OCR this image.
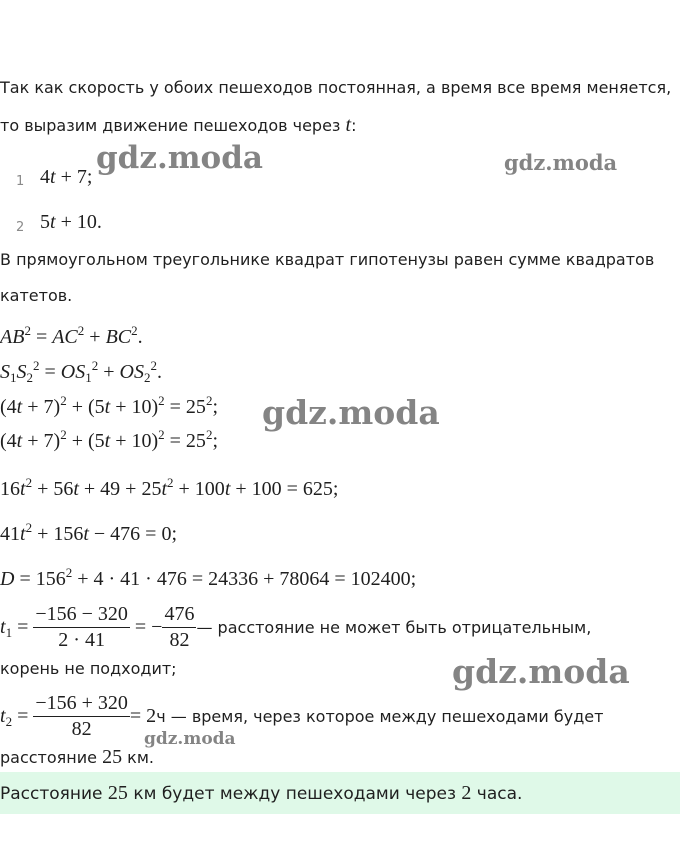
Так как скорость у обоих пешеходов постоянная, а время все время меняется,
то выразим движение пешеходов через t:
1 4t + 7;
2 5t + 10.
В прямоугольном треугольнике квадрат гипотенузы равен сумме квадратов
катетов.
$AB^2 = AC^2 + BC^2$.
$S_1S_2^2 = OS_1^2 + OS_2^2$.
$(4t + 7)^2 + (5t + 10)^2 = 25^2$;
$(4t + 7)^2 + (5t + 10)^2 = 25^2$;
$16t^2 + 56t + 49 + 25t^2 + 100t + 100 = 625$;
$41t^2 + 156t - 476 = 0$;
$D = 156^2 + 4 \cdot 41 \cdot 476 = 24336 + 78064 = 102400$;
$t_1 = \frac{-156 - 320}{2 \cdot 41}$ = − $\frac{476}{82}$ — расстояние не может быть отрицательным,
корень не подходит;
$t_2 = \frac{-156 + 320}{82} = 2$ ч — время, через которое между пешеходами будет
расстояние 25 км.
Расстояние 25 км будет между пешеходами через 2 часа.
gdz.moda	gdz.moda
gdz.moda
gdz.moda
gdz.moda
